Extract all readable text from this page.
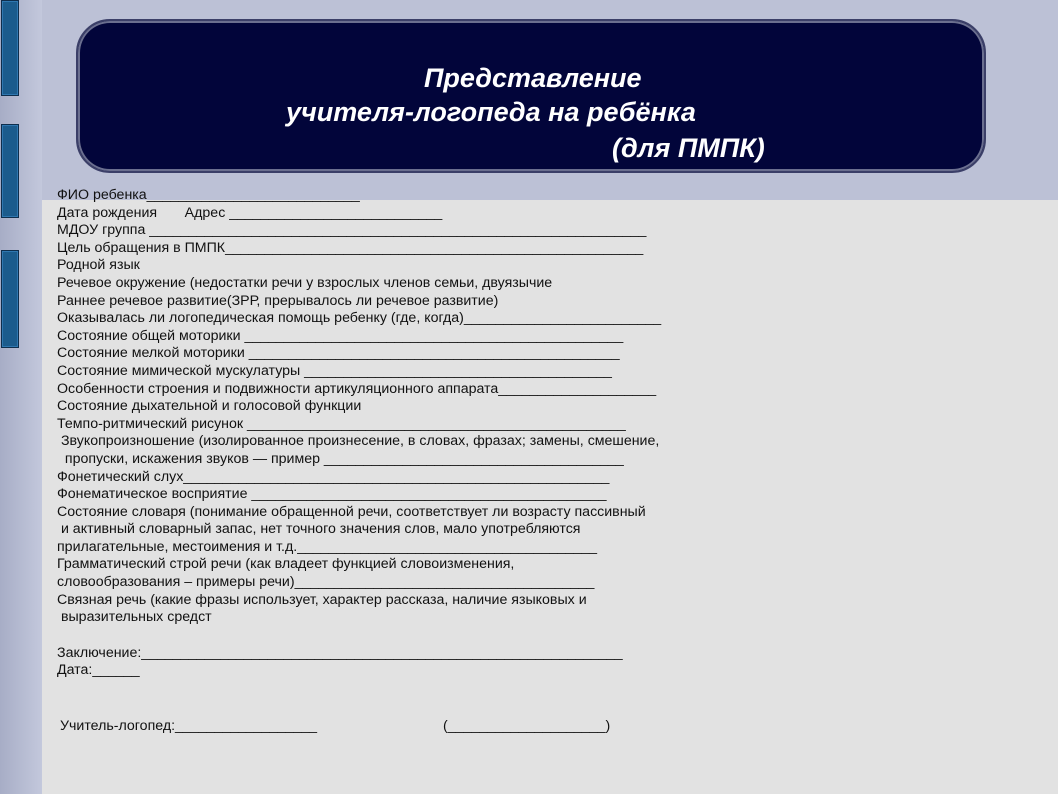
Представление
учителя-логопеда на ребёнка
(для ПМПК)
ФИО ребенка___________________________
Дата рождения       Адрес ___________________________
МДОУ группа _______________________________________________________________
Цель обращения в ПМПК_____________________________________________________
Родной язык
Речевое окружение (недостатки речи у взрослых членов семьи, двуязычие
Раннее речевое развитие(ЗРР, прерывалось ли речевое развитие)
Оказывалась ли логопедическая помощь ребенку (где, когда)_________________________
Состояние общей моторики ________________________________________________
Состояние мелкой моторики _______________________________________________
Состояние мимической мускулатуры _______________________________________
Особенности строения и подвижности артикуляционного аппарата____________________
Состояние дыхательной и голосовой функции
Темпо-ритмический рисунок ________________________________________________
Звукопроизношение (изолированное произнесение, в словах, фразах; замены, смешение,
пропуски, искажения звуков — пример ______________________________________
Фонетический слух______________________________________________________
Фонематическое восприятие _____________________________________________
Состояние словаря (понимание обращенной речи, соответствует ли возрасту пассивный
и активный словарный запас, нет точного значения слов, мало употребляются
прилагательные, местоимения и т.д.______________________________________
Грамматический строй речи (как владеет функцией словоизменения,
словообразования – примеры речи)______________________________________
Связная речь (какие фразы использует, характер рассказа, наличие языковых и
выразительных средст
Заключение:_____________________________________________________________
Дата:______
Учитель-логопед:__________________	(____________________)
